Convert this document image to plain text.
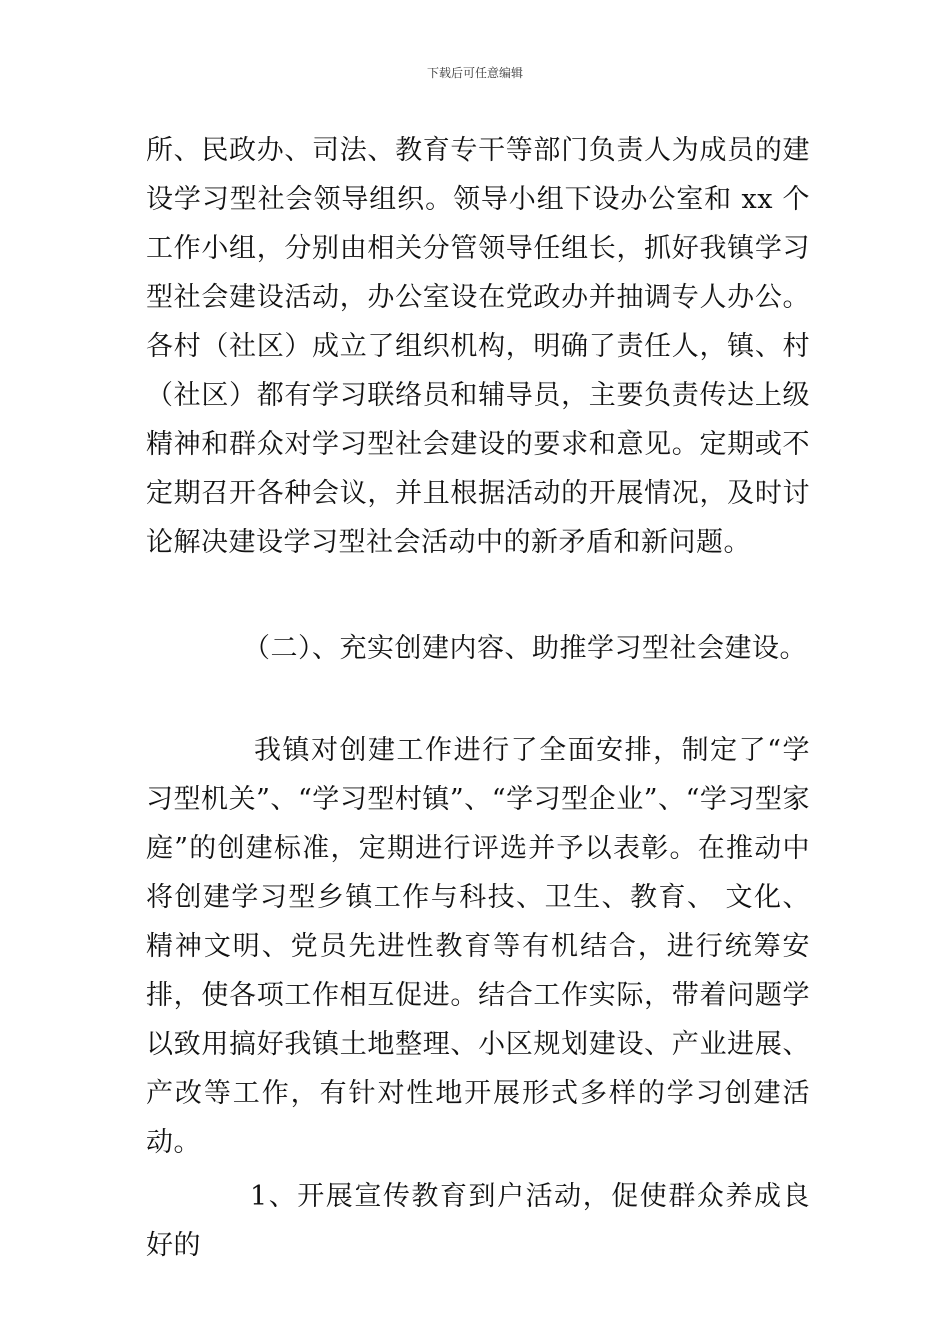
下载后可任意编辑

所、民政办、司法、教育专干等部门负责人为成员的建设学习型社会领导组织。领导小组下设办公室和 xx 个工作小组，分别由相关分管领导任组长，抓好我镇学习型社会建设活动，办公室设在党政办并抽调专人办公。各村（社区）成立了组织机构，明确了责任人，镇、村（社区）都有学习联络员和辅导员，主要负责传达上级精神和群众对学习型社会建设的要求和意见。定期或不定期召开各种会议，并且根据活动的开展情况，及时讨论解决建设学习型社会活动中的新矛盾和新问题。

（二）、充实创建内容、助推学习型社会建设。

我镇对创建工作进行了全面安排，制定了“学习型机关”、“学习型村镇”、“学习型企业”、“学习型家庭”的创建标准，定期进行评选并予以表彰。在推动中将创建学习型乡镇工作与科技、卫生、教育、 文化、精神文明、党员先进性教育等有机结合，进行统筹安排，使各项工作相互促进。结合工作实际，带着问题学以致用搞好我镇土地整理、小区规划建设、产业进展、产改等工作，有针对性地开展形式多样的学习创建活动。

1、开展宣传教育到户活动，促使群众养成良好的
